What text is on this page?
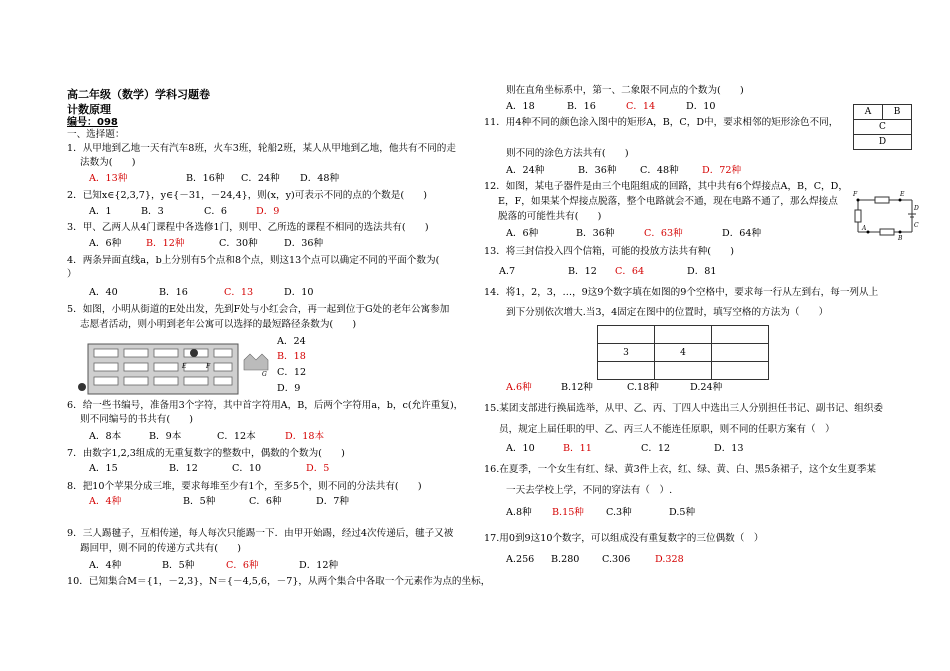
高二年级（数学）学科习题卷
计数原理
编号：098
一、选择题：
1．从甲地到乙地一天有汽车8班，火车3班，轮船2班，某人从甲地到乙地，他共有不同的走
法数为(　　)
A．13种	B．16种 C．24种 D．48种
2．已知x∈{2,3,7}，y∈{－31，－24,4}，则(x，y)可表示不同的点的个数是(　　)
A．1	B．3	C．6	D．9
3．甲、乙两人从4门课程中各选修1门，则甲、乙所选的课程不相同的选法共有(　　)
A．6种	B．12种	C．30种	D．36种
4．两条异面直线a，b上分别有5个点和8个点，则这13个点可以确定不同的平面个数为(
）
A．40	B．16	C．13	D．10
5．如图，小明从街道的E处出发，先到F处与小红会合，再一起到位于G处的老年公寓参加
志愿者活动，则小明到老年公寓可以选择的最短路径条数为(　　)
A．24
B．18
C．12
D．9
E	F
G
6．给一些书编号，准备用3个字符，其中首字符用A，B，后两个字符用a，b，c(允许重复)，
则不同编号的书共有(　　)
A．8本	B．9本	C．12本	D．18本
7．由数字1,2,3组成的无重复数字的整数中，偶数的个数为(　　)
A．15	B．12	C．10	D．5
8．把10个苹果分成三堆，要求每堆至少有1个，至多5个，则不同的分法共有(　　)
A．4种	B．5种	C．6种	D．7种
9．三人踢毽子，互相传递，每人每次只能踢一下．由甲开始踢，经过4次传递后，毽子又被
踢回甲，则不同的传递方式共有(　　)
A．4种	B．5种	C．6种	D．12种
10．已知集合M＝{1，－2,3}，N＝{－4,5,6，－7}，从两个集合中各取一个元素作为点的坐标，
则在直角坐标系中，第一、二象限不同点的个数为(　　)
A．18	B．16	C．14	D．10
11．用4种不同的颜色涂入图中的矩形A，B，C，D中，要求相邻的矩形涂色不同，
则不同的涂色方法共有(　　)
A．24种	B．36种 C．48种 D．72种
A	B
C
D
12．如图，某电子器件是由三个电阻组成的回路，其中共有6个焊接点A，B，C，D，
E，F，如果某个焊接点脱落，整个电路就会不通，现在电路不通了，那么焊接点
脱落的可能性共有(　　)
A．6种	B．36种	C．63种	D．64种
F	E
D
C
A
B
13．将三封信投入四个信箱，可能的投放方法共有种(　　)
A.7	B．12 C．64	D．81
14．将1，2，3，…，9这9个数字填在如图的9个空格中，要求每一行从左到右，每一列从上
到下分别依次增大.当3，4固定在图中的位置时，填写空格的方法为（　　）

3	4	

A.6种	B.12种	C.18种	D.24种
15.某团支部进行换届选举，从甲、乙、丙、丁四人中选出三人分别担任书记、副书记、组织委
员，规定上届任职的甲、乙、丙三人不能连任原职，则不同的任职方案有（　）
A．10	B．11	C．12	D．13
16.在夏季，一个女生有红、绿、黄3件上衣，红、绿、黄、白、黑5条裙子，这个女生夏季某
一天去学校上学，不同的穿法有（　）.
A.8种 B.15种 C.3种	D.5种
17.用0到9这10个数字，可以组成没有重复数字的三位偶数（　）
A.256 B.280 C.306	D.328
